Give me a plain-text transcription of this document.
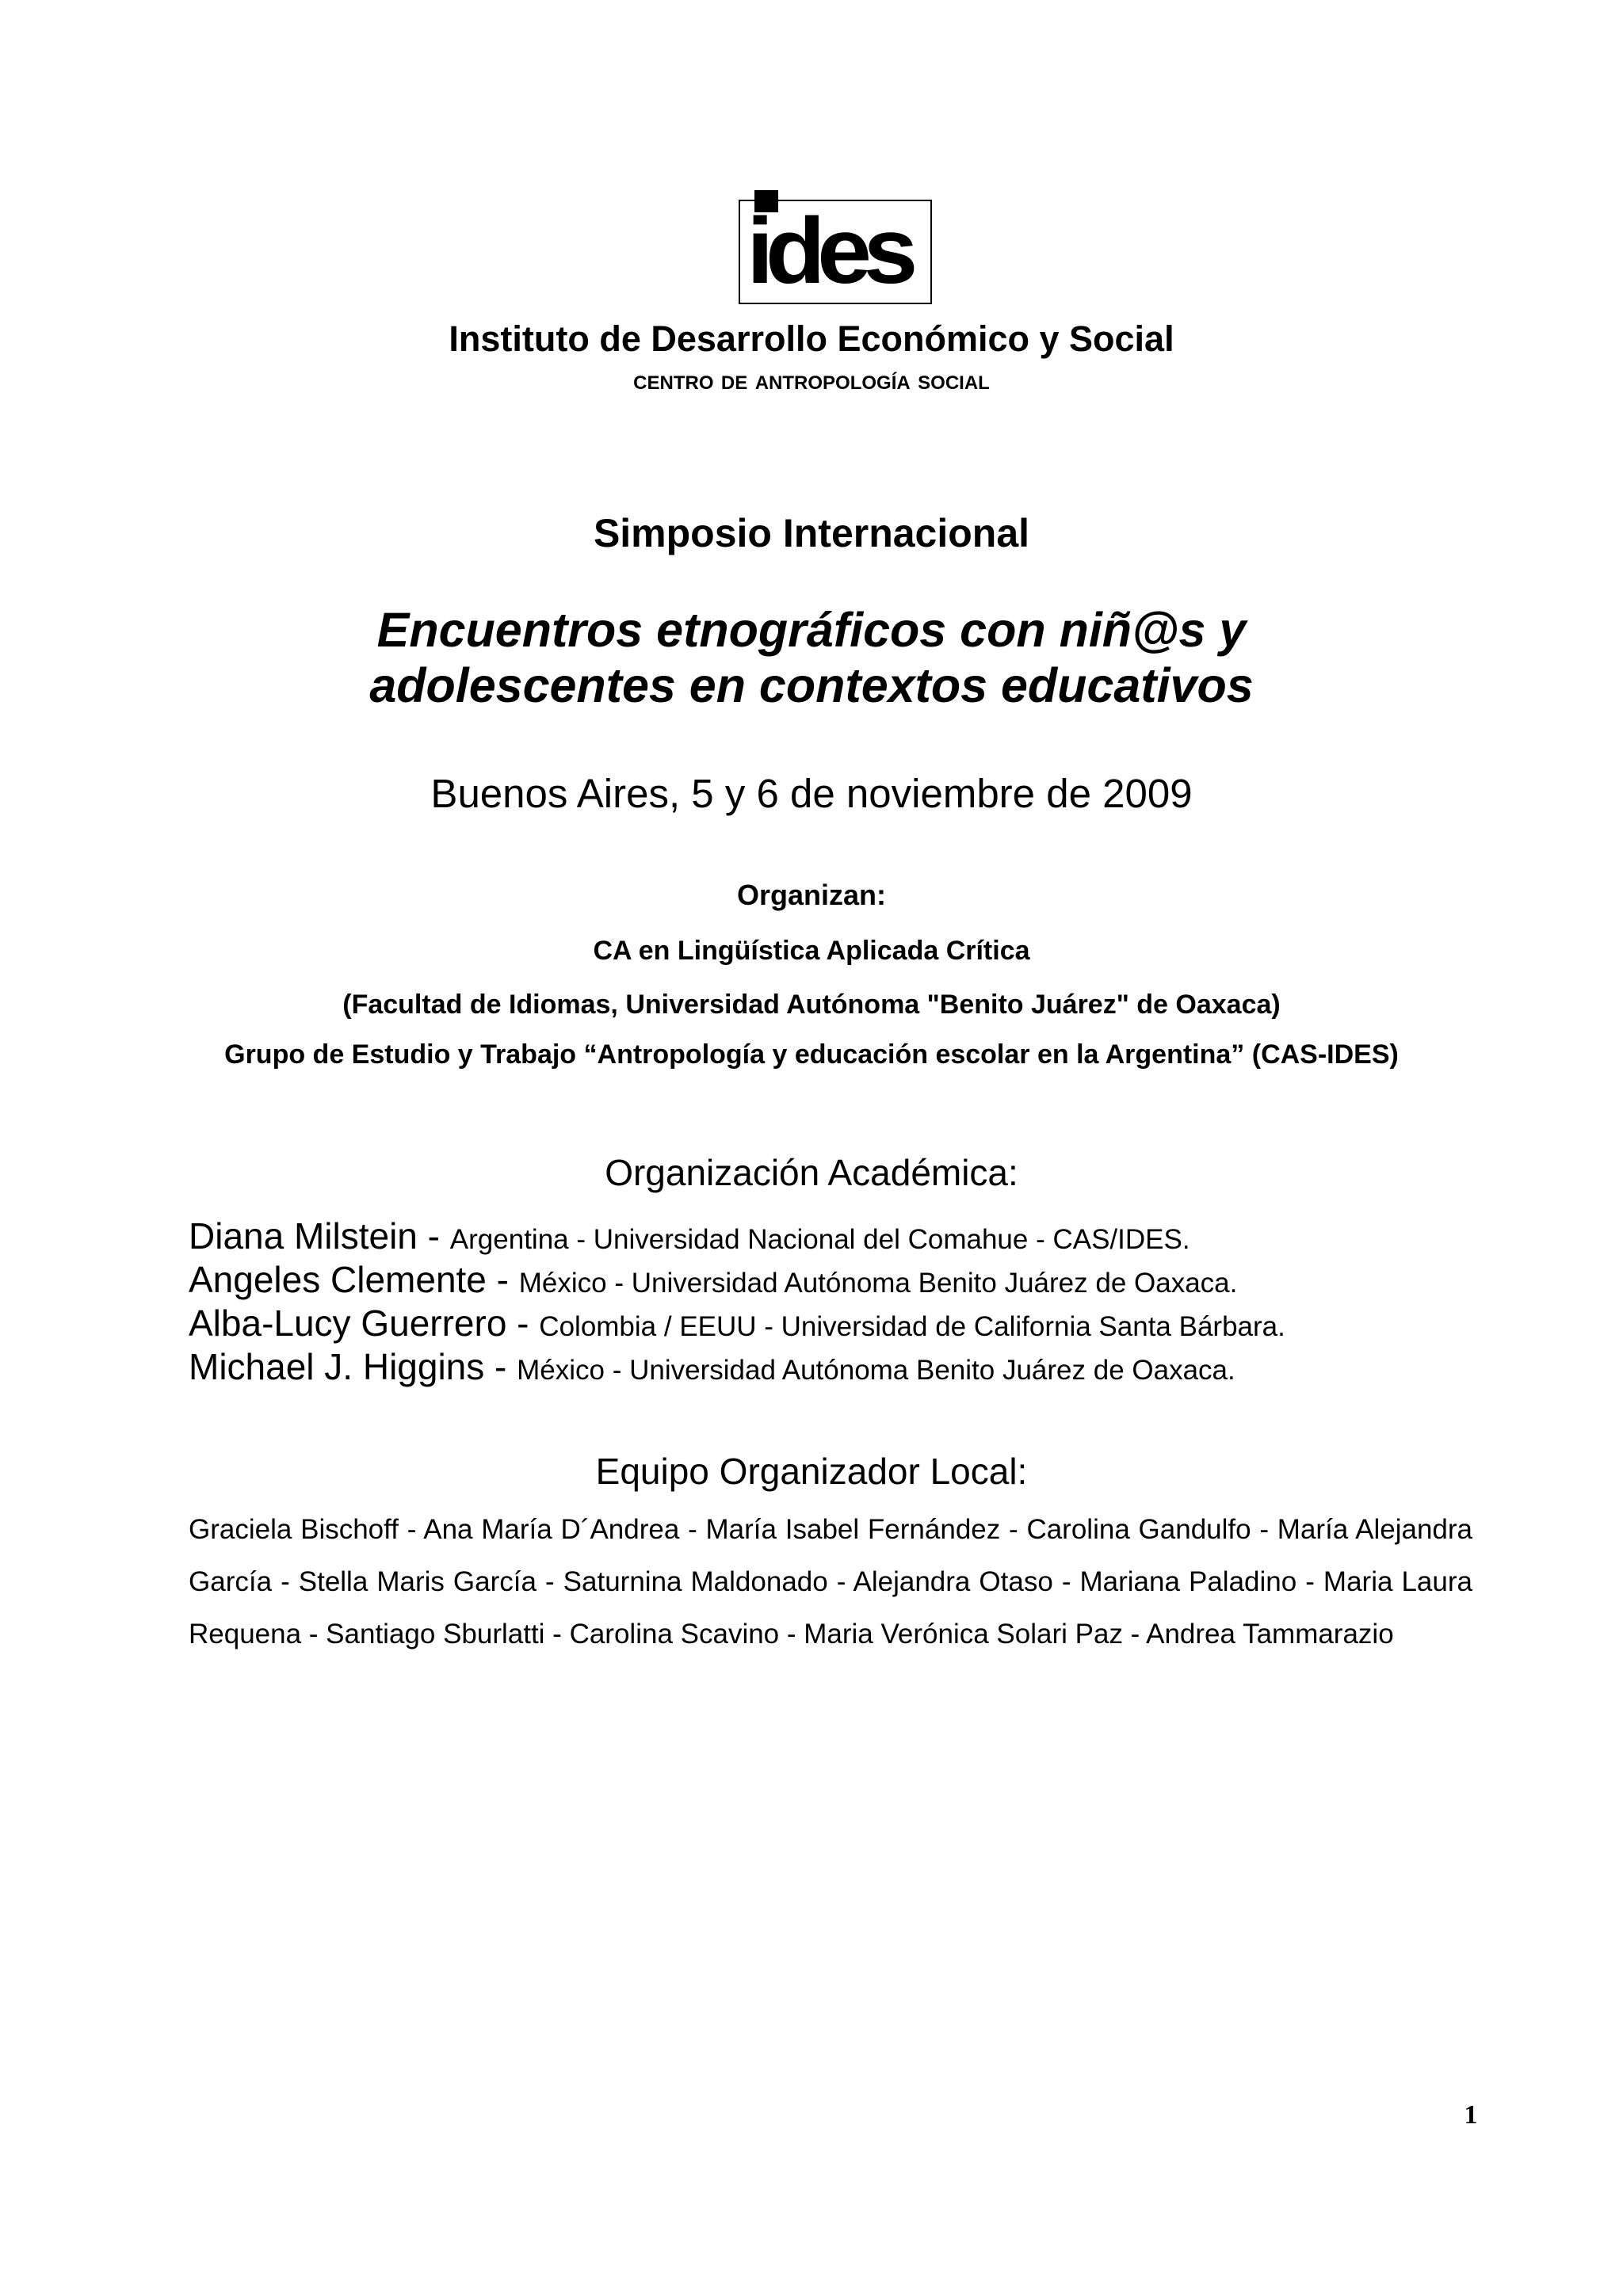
ides
Instituto de Desarrollo Económico y Social
centro de antropología social
Simposio Internacional
Encuentros etnográficos con niñ@s y
adolescentes en contextos educativos
Buenos Aires, 5 y 6 de noviembre de 2009
Organizan:
CA en Lingüística Aplicada Crítica
(Facultad de Idiomas, Universidad Autónoma "Benito Juárez" de Oaxaca)
Grupo de Estudio y Trabajo “Antropología y educación escolar en la Argentina” (CAS-IDES)
Organización Académica:
Diana Milstein - Argentina - Universidad Nacional del Comahue - CAS/IDES.
Angeles Clemente - México - Universidad Autónoma Benito Juárez de Oaxaca.
Alba-Lucy Guerrero - Colombia / EEUU - Universidad de California Santa Bárbara.
Michael J. Higgins - México - Universidad Autónoma Benito Juárez de Oaxaca.
Equipo Organizador Local:
Graciela Bischoff - Ana María D´Andrea - María Isabel Fernández - Carolina Gandulfo - María Alejandra García - Stella Maris García - Saturnina Maldonado - Alejandra Otaso - Mariana Paladino - Maria Laura Requena - Santiago Sburlatti - Carolina Scavino - Maria Verónica Solari Paz - Andrea Tammarazio
1
